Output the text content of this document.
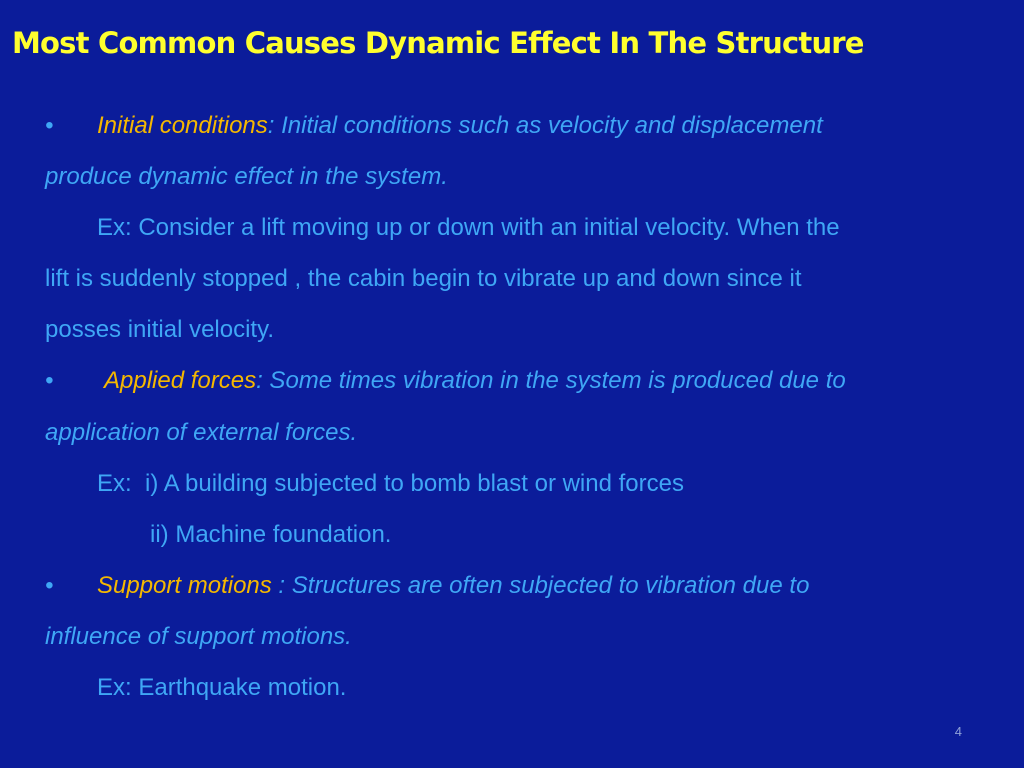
Most Common Causes Dynamic Effect In The Structure
• Initial conditions: Initial conditions such as velocity and displacement
produce dynamic effect in the system.
Ex: Consider a lift moving up or down with an initial velocity. When the
lift is suddenly stopped , the cabin begin to vibrate up and down since it
posses initial velocity.
• Applied forces: Some times vibration in the system is produced due to
application of external forces.
Ex:  i) A building subjected to bomb blast or wind forces
ii) Machine foundation.
• Support motions : Structures are often subjected to vibration due to
influence of support motions.
Ex: Earthquake motion.
4
